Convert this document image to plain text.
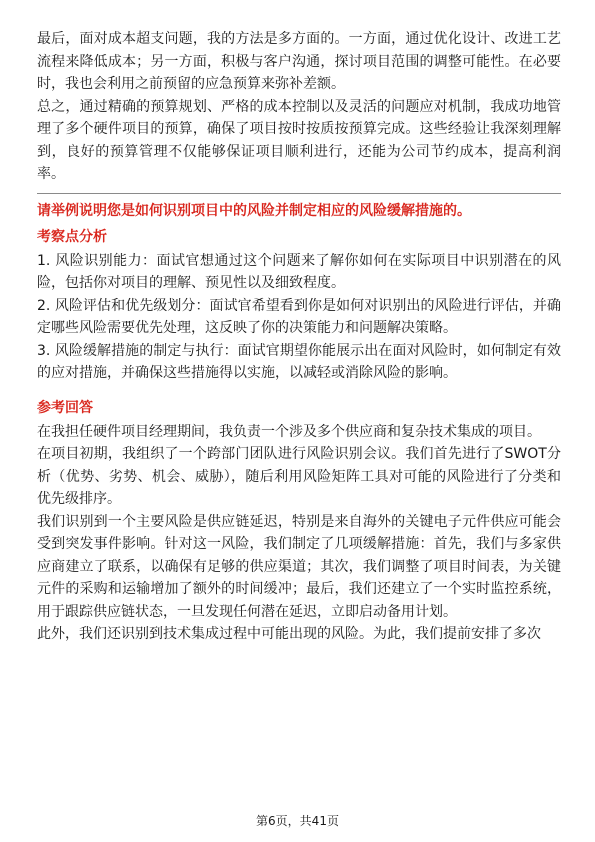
最后，面对成本超支问题，我的方法是多方面的。一方面，通过优化设计、改进工艺流程来降低成本；另一方面，积极与客户沟通，探讨项目范围的调整可能性。在必要时，我也会利用之前预留的应急预算来弥补差额。

总之，通过精确的预算规划、严格的成本控制以及灵活的问题应对机制，我成功地管理了多个硬件项目的预算，确保了项目按时按质按预算完成。这些经验让我深刻理解到，良好的预算管理不仅能够保证项目顺利进行，还能为公司节约成本，提高利润率。

请举例说明您是如何识别项目中的风险并制定相应的风险缓解措施的。
考察点分析

1. 风险识别能力：面试官想通过这个问题来了解你如何在实际项目中识别潜在的风险，包括你对项目的理解、预见性以及细致程度。

2. 风险评估和优先级划分：面试官希望看到你是如何对识别出的风险进行评估，并确定哪些风险需要优先处理，这反映了你的决策能力和问题解决策略。

3. 风险缓解措施的制定与执行：面试官期望你能展示出在面对风险时，如何制定有效的应对措施，并确保这些措施得以实施，以减轻或消除风险的影响。

参考回答

在我担任硬件项目经理期间，我负责一个涉及多个供应商和复杂技术集成的项目。

在项目初期，我组织了一个跨部门团队进行风险识别会议。我们首先进行了SWOT分析（优势、劣势、机会、威胁），随后利用风险矩阵工具对可能的风险进行了分类和优先级排序。

我们识别到一个主要风险是供应链延迟，特别是来自海外的关键电子元件供应可能会受到突发事件影响。针对这一风险，我们制定了几项缓解措施：首先，我们与多家供应商建立了联系，以确保有足够的供应渠道；其次，我们调整了项目时间表，为关键元件的采购和运输增加了额外的时间缓冲；最后，我们还建立了一个实时监控系统，用于跟踪供应链状态，一旦发现任何潜在延迟，立即启动备用计划。

此外，我们还识别到技术集成过程中可能出现的风险。为此，我们提前安排了多次

第6页，共41页
